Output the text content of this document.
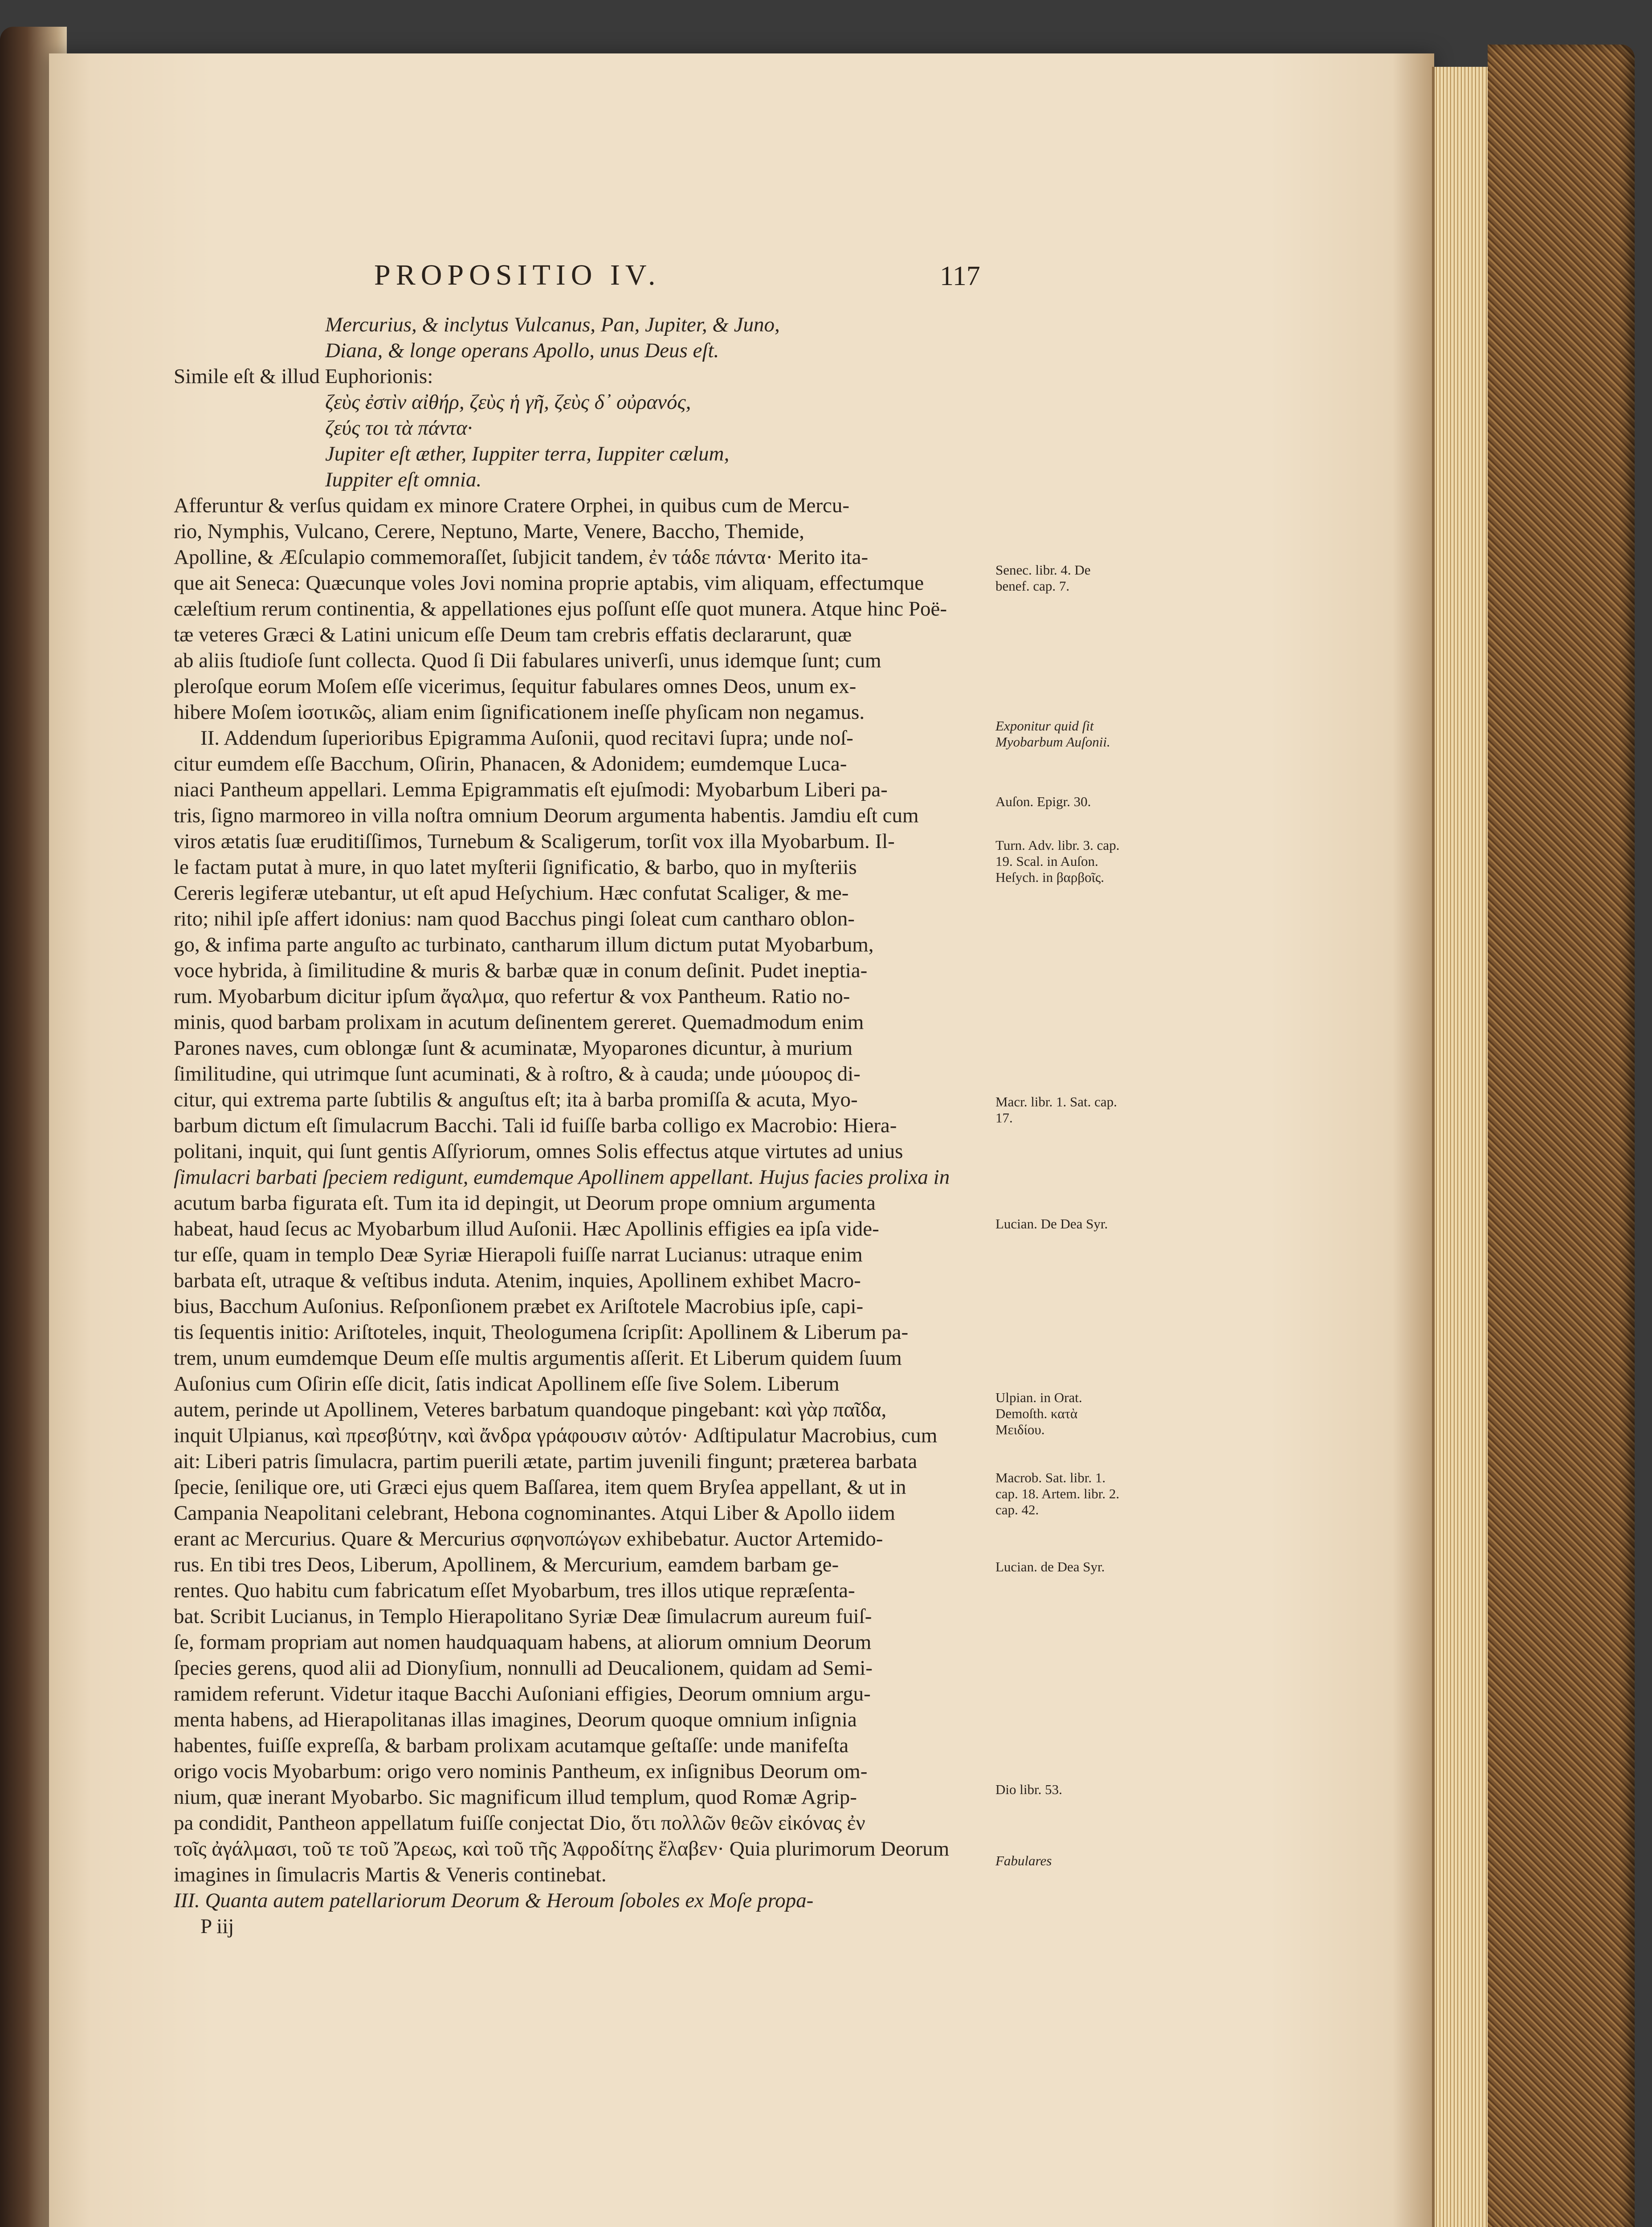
PROPOSITIO IV.	117
Mercurius, & inclytus Vulcanus, Pan, Jupiter, & Juno,
Diana, & longe operans Apollo, unus Deus eſt.
Simile eſt & illud Euphorionis:
ζεὺς ἐστὶν αἰθήρ, ζεὺς ἡ γῆ, ζεὺς δ᾽ οὐρανός,
ζεύς τοι τὰ πάντα·
Jupiter eſt æther, Iuppiter terra, Iuppiter cælum,
Iuppiter eſt omnia.
Afferuntur & verſus quidam ex minore Cratere Orphei, in quibus cum de Mercu-
rio, Nymphis, Vulcano, Cerere, Neptuno, Marte, Venere, Baccho, Themide,
Apolline, & Æſculapio commemoraſſet, ſubjicit tandem, ἐν τάδε πάντα· Merito ita-
que ait Seneca: Quæcunque voles Jovi nomina proprie aptabis, vim aliquam, effectumque
cæleſtium rerum continentia, & appellationes ejus poſſunt eſſe quot munera. Atque hinc Poë-
tæ veteres Græci & Latini unicum eſſe Deum tam crebris effatis declararunt, quæ
ab aliis ſtudioſe ſunt collecta. Quod ſi Dii fabulares univerſi, unus idemque ſunt; cum
pleroſque eorum Moſem eſſe vicerimus, ſequitur fabulares omnes Deos, unum ex-
hibere Moſem ἰσοτικῶς, aliam enim ſignificationem ineſſe phyſicam non negamus.
II. Addendum ſuperioribus Epigramma Auſonii, quod recitavi ſupra; unde noſ-
citur eumdem eſſe Bacchum, Oſirin, Phanacen, & Adonidem; eumdemque Luca-
niaci Pantheum appellari. Lemma Epigrammatis eſt ejuſmodi: Myobarbum Liberi pa-
tris, ſigno marmoreo in villa noſtra omnium Deorum argumenta habentis. Jamdiu eſt cum
viros ætatis ſuæ eruditiſſimos, Turnebum & Scaligerum, torſit vox illa Myobarbum. Il-
le factam putat à mure, in quo latet myſterii ſignificatio, & barbo, quo in myſteriis
Cereris legiferæ utebantur, ut eſt apud Heſychium. Hæc confutat Scaliger, & me-
rito; nihil ipſe affert idonius: nam quod Bacchus pingi ſoleat cum cantharo oblon-
go, & infima parte anguſto ac turbinato, cantharum illum dictum putat Myobarbum,
voce hybrida, à ſimilitudine & muris & barbæ quæ in conum deſinit. Pudet ineptia-
rum. Myobarbum dicitur ipſum ἄγαλμα, quo refertur & vox Pantheum. Ratio no-
minis, quod barbam prolixam in acutum deſinentem gereret. Quemadmodum enim
Parones naves, cum oblongæ ſunt & acuminatæ, Myoparones dicuntur, à murium
ſimilitudine, qui utrimque ſunt acuminati, & à roſtro, & à cauda; unde μύουρος di-
citur, qui extrema parte ſubtilis & anguſtus eſt; ita à barba promiſſa & acuta, Myo-
barbum dictum eſt ſimulacrum Bacchi. Tali id fuiſſe barba colligo ex Macrobio: Hiera-
politani, inquit, qui ſunt gentis Aſſyriorum, omnes Solis effectus atque virtutes ad unius
ſimulacri barbati ſpeciem redigunt, eumdemque Apollinem appellant. Hujus facies prolixa in
acutum barba figurata eſt. Tum ita id depingit, ut Deorum prope omnium argumenta
habeat, haud ſecus ac Myobarbum illud Auſonii. Hæc Apollinis effigies ea ipſa vide-
tur eſſe, quam in templo Deæ Syriæ Hierapoli fuiſſe narrat Lucianus: utraque enim
barbata eſt, utraque & veſtibus induta. Atenim, inquies, Apollinem exhibet Macro-
bius, Bacchum Auſonius. Reſponſionem præbet ex Ariſtotele Macrobius ipſe, capi-
tis ſequentis initio: Ariſtoteles, inquit, Theologumena ſcripſit: Apollinem & Liberum pa-
trem, unum eumdemque Deum eſſe multis argumentis aſſerit. Et Liberum quidem ſuum
Auſonius cum Oſirin eſſe dicit, ſatis indicat Apollinem eſſe ſive Solem. Liberum
autem, perinde ut Apollinem, Veteres barbatum quandoque pingebant: καὶ γὰρ παῖδα,
inquit Ulpianus, καὶ πρεσβύτην, καὶ ἄνδρα γράφουσιν αὐτόν· Adſtipulatur Macrobius, cum
ait: Liberi patris ſimulacra, partim puerili ætate, partim juvenili fingunt; præterea barbata
ſpecie, ſenilique ore, uti Græci ejus quem Baſſarea, item quem Bryſea appellant, & ut in
Campania Neapolitani celebrant, Hebona cognominantes. Atqui Liber & Apollo iidem
erant ac Mercurius. Quare & Mercurius σφηνοπώγων exhibebatur. Auctor Artemido-
rus. En tibi tres Deos, Liberum, Apollinem, & Mercurium, eamdem barbam ge-
rentes. Quo habitu cum fabricatum eſſet Myobarbum, tres illos utique repræſenta-
bat. Scribit Lucianus, in Templo Hierapolitano Syriæ Deæ ſimulacrum aureum fuiſ-
ſe, formam propriam aut nomen haudquaquam habens, at aliorum omnium Deorum
ſpecies gerens, quod alii ad Dionyſium, nonnulli ad Deucalionem, quidam ad Semi-
ramidem referunt. Videtur itaque Bacchi Auſoniani effigies, Deorum omnium argu-
menta habens, ad Hierapolitanas illas imagines, Deorum quoque omnium inſignia
habentes, fuiſſe expreſſa, & barbam prolixam acutamque geſtaſſe: unde manifeſta
origo vocis Myobarbum: origo vero nominis Pantheum, ex inſignibus Deorum om-
nium, quæ inerant Myobarbo. Sic magnificum illud templum, quod Romæ Agrip-
pa condidit, Pantheon appellatum fuiſſe conjectat Dio, ὅτι πολλῶν θεῶν εἰκόνας ἐν
τοῖς ἀγάλμασι, τοῦ τε τοῦ Ἄρεως, καὶ τοῦ τῆς Ἀφροδίτης ἔλαβεν· Quia plurimorum Deorum
imagines in ſimulacris Martis & Veneris continebat.
III. Quanta autem patellariorum Deorum & Heroum ſoboles ex Moſe propa-
P iij
Senec. libr. 4. De benef. cap. 7.
Exponitur quid ſit Myobarbum Auſonii.
Auſon. Epigr. 30.
Turn. Adv. libr. 3. cap. 19. Scal. in Auſon. Heſych. in βαρβοῖς.
Macr. libr. 1. Sat. cap. 17.
Lucian. De Dea Syr.
Ulpian. in Orat. Demoſth. κατὰ Μειδίου.
Macrob. Sat. libr. 1. cap. 18. Artem. libr. 2. cap. 42.
Lucian. de Dea Syr.
Dio libr. 53.
Fabulares
